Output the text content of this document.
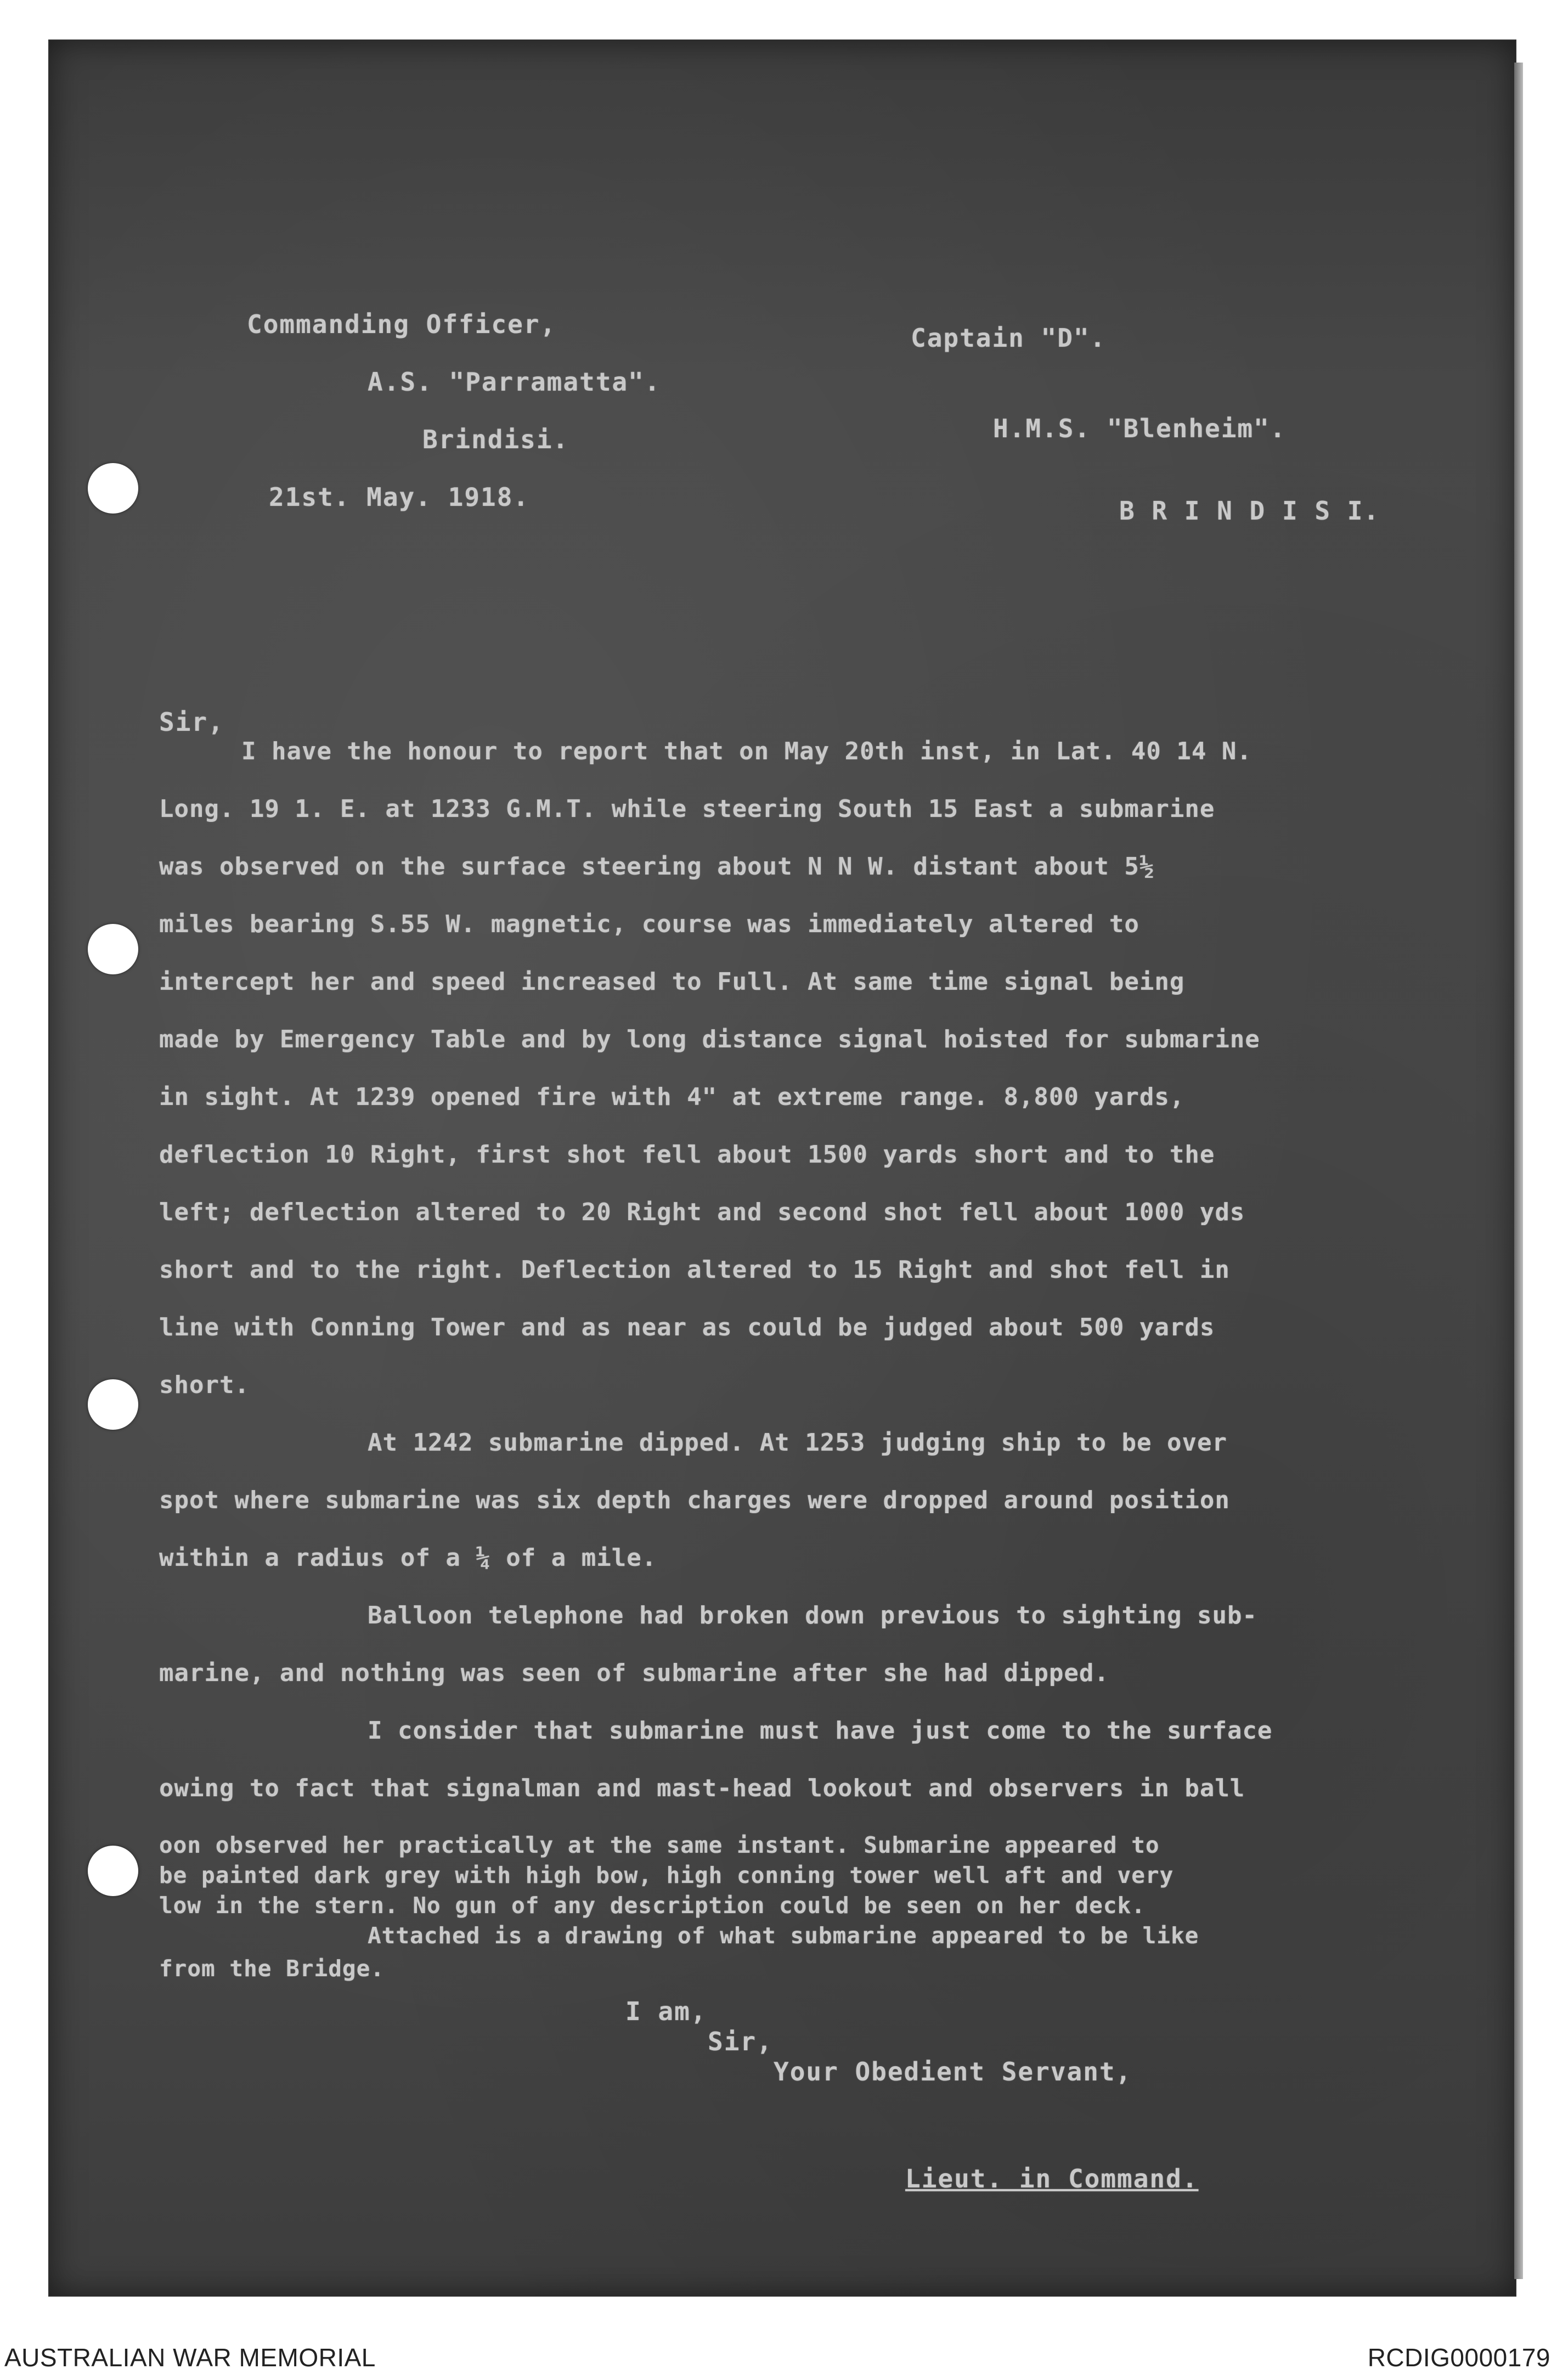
Commanding Officer,
A.S. "Parramatta".
Brindisi.
21st. May. 1918.
Captain "D".
H.M.S. "Blenheim".
B R I N D I S I.
Sir,
I have the honour to report that on May 20th inst, in Lat. 40 14 N.
Long. 19 1. E. at 1233 G.M.T. while steering South 15 East a submarine
was observed on the surface steering about N N W. distant about 5½
miles bearing S.55 W. magnetic, course was immediately altered to
intercept her and speed increased to Full. At same time signal being
made by Emergency Table and by long distance signal hoisted for submarine
in sight. At 1239 opened fire with 4" at extreme range. 8,800 yards,
deflection 10 Right, first shot fell about 1500 yards short and to the
left; deflection altered to 20 Right and second shot fell about 1000 yds
short and to the right. Deflection altered to 15 Right and shot fell in
line with Conning Tower and as near as could be judged about 500 yards
short.
At 1242 submarine dipped. At 1253 judging ship to be over
spot where submarine was six depth charges were dropped around position
within a radius of a ¼ of a mile.
Balloon telephone had broken down previous to sighting sub-
marine, and nothing was seen of submarine after she had dipped.
I consider that submarine must have just come to the surface
owing to fact that signalman and mast-head lookout and observers in ball
oon observed her practically at the same instant. Submarine appeared to
be painted dark grey with high bow, high conning tower well aft and very
low in the stern. No gun of any description could be seen on her deck.
Attached is a drawing of what submarine appeared to be like
from the Bridge.
I am,
Sir,
Your Obedient Servant,
Lieut. in Command.
AUSTRALIAN WAR MEMORIAL	RCDIG0000179
